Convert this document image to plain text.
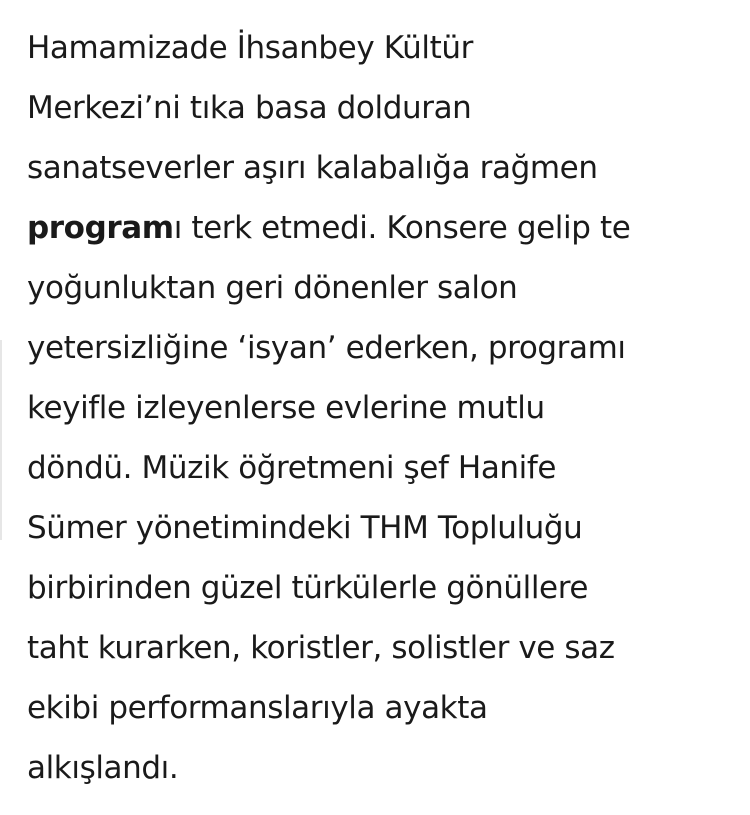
Hamamizade İhsanbey Kültür
Merkezi’ni tıka basa dolduran
sanatseverler aşırı kalabalığa rağmen
programı terk etmedi. Konsere gelip te
yoğunluktan geri dönenler salon
yetersizliğine ‘isyan’ ederken, programı
keyifle izleyenlerse evlerine mutlu
döndü. Müzik öğretmeni şef Hanife
Sümer yönetimindeki THM Topluluğu
birbirinden güzel türkülerle gönüllere
taht kurarken, koristler, solistler ve saz
ekibi performanslarıyla ayakta
alkışlandı.
